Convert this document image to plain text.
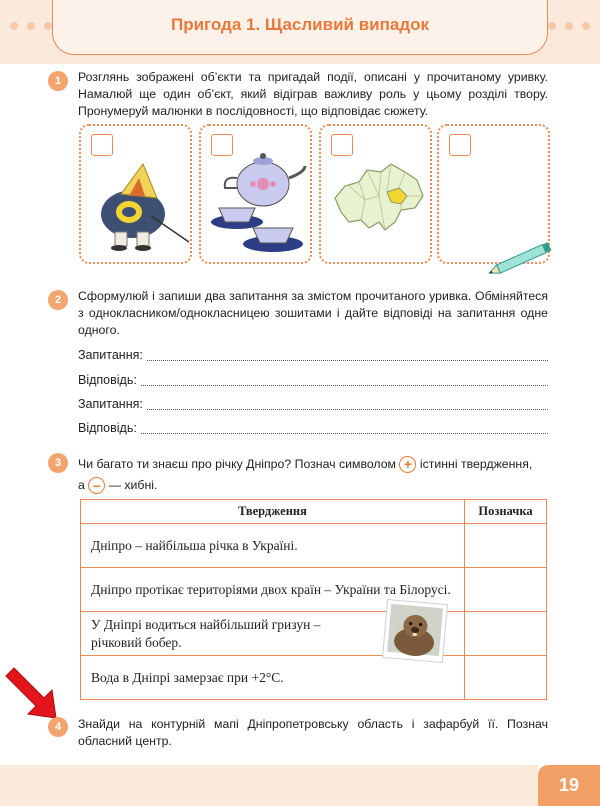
Пригода 1. Щасливий випадок
1	Розглянь зображені об’єкти та пригадай події, описані у прочитаному уривку. Намалюй ще один об’єкт, який відіграв важливу роль у цьому розділі твору. Пронумеруй малюнки в послідовності, що відповідає сюжету.
2	Сформулюй і запиши два запитання за змістом прочитаного уривка. Обміняйтеся з однокласником/однокласницею зошитами і дайте відповіді на запитання одне одного.
Запитання:
Відповідь:
Запитання:
Відповідь:
3	Чи багато ти знаєш про річку Дніпро? Познач символом + істинні твердження,
а – — хибні.
Твердження	Позначка
Дніпро – найбільша річка в Україні.	
Дніпро протікає територіями двох країн – України та Білорусі.	
У Дніпрі водиться найбільший гризун – річковий бобер.	
Вода в Дніпрі замерзає при +2°С.	
4	Знайди на контурній мапі Дніпропетровську область і зафарбуй її. Познач обласний центр.
19
